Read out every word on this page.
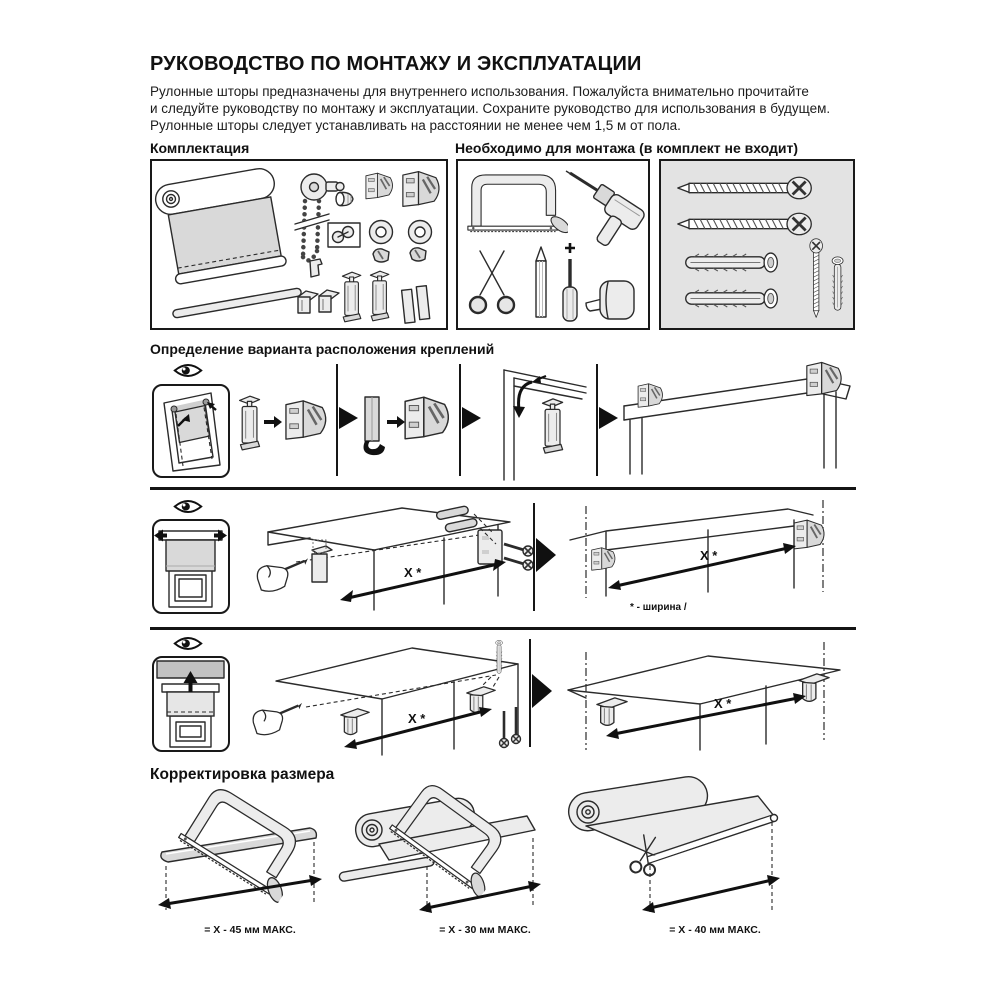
РУКОВОДСТВО ПО МОНТАЖУ И ЭКСПЛУАТАЦИИ
Рулонные шторы предназначены для внутреннего использования. Пожалуйста внимательно прочитайте
и следуйте руководству по монтажу и эксплуатации. Сохраните руководство для использования в будущем.
Рулонные шторы следует устанавливать на расстоянии не менее чем 1,5 м от пола.
Комплектация	Необходимо для монтажа (в комплект не входит)
Определение варианта расположения креплений
X *
X *
* - ширина /
X *
X *
Корректировка размера
= X - 45 мм МАКС.	= X - 30 мм МАКС.	= X - 40 мм МАКС.
